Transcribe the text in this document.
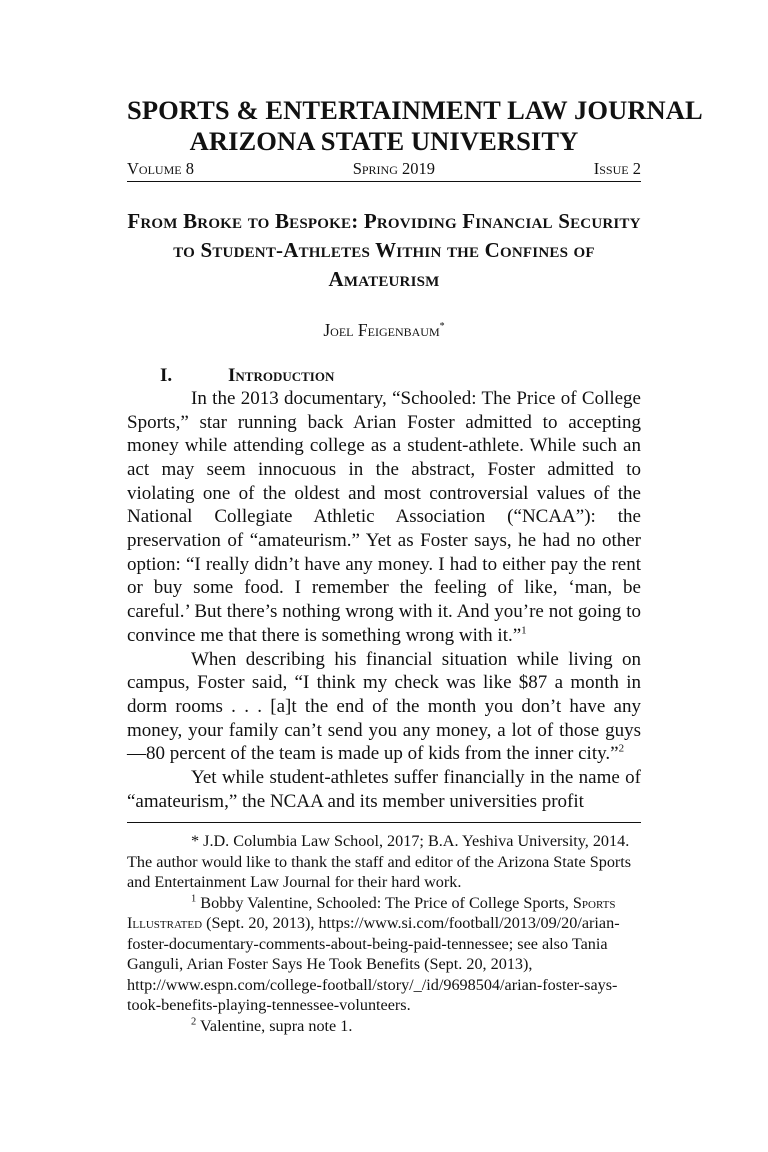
SPORTS & ENTERTAINMENT LAW JOURNAL
ARIZONA STATE UNIVERSITY
Volume 8	Spring 2019	Issue 2
From Broke to Bespoke: Providing Financial Security to Student-Athletes Within the Confines of Amateurism
Joel Feigenbaum*
I.	Introduction

In the 2013 documentary, “Schooled: The Price of College Sports,” star running back Arian Foster admitted to accepting money while attending college as a student-athlete. While such an act may seem innocuous in the abstract, Foster admitted to violating one of the oldest and most controversial values of the National Collegiate Athletic Association (“NCAA”): the preservation of “amateurism.” Yet as Foster says, he had no other option: “I really didn’t have any money. I had to either pay the rent or buy some food. I remember the feeling of like, ‘man, be careful.’ But there’s nothing wrong with it. And you’re not going to convince me that there is something wrong with it.”$^1$

When describing his financial situation while living on campus, Foster said, “I think my check was like $87 a month in dorm rooms . . . [a]t the end of the month you don’t have any money, your family can’t send you any money, a lot of those guys—80 percent of the team is made up of kids from the inner city.”$^2$

Yet while student-athletes suffer financially in the name of “amateurism,” the NCAA and its member universities profit

* J.D. Columbia Law School, 2017; B.A. Yeshiva University, 2014. The author would like to thank the staff and editor of the Arizona State Sports and Entertainment Law Journal for their hard work.

$^1$ Bobby Valentine, Schooled: The Price of College Sports, Sports Illustrated (Sept. 20, 2013), https://www.si.com/football/2013/09/20/arian-foster-documentary-comments-about-being-paid-tennessee; see also Tania Ganguli, Arian Foster Says He Took Benefits (Sept. 20, 2013), http://www.espn.com/college-football/story/_/id/9698504/arian-foster-says-took-benefits-playing-tennessee-volunteers.

$^2$ Valentine, supra note 1.
